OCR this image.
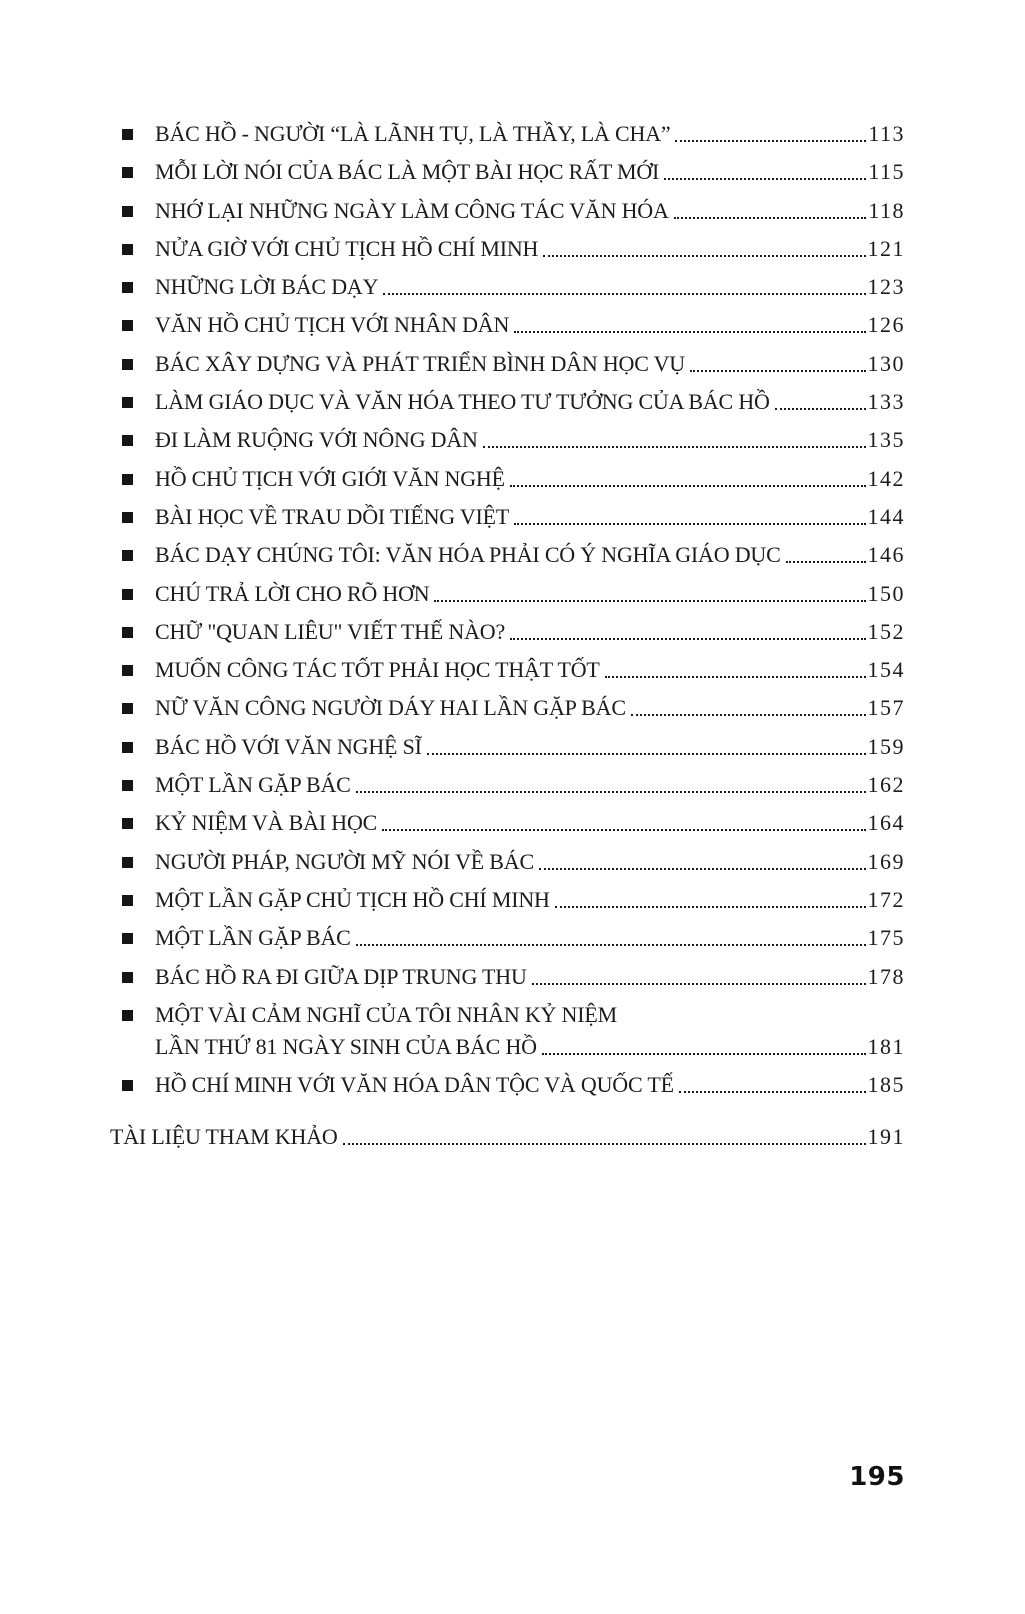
BÁC HỒ - NGƯỜI “LÀ LÃNH TỤ, LÀ THẦY, LÀ CHA”	113
MỖI LỜI NÓI CỦA BÁC LÀ MỘT BÀI HỌC RẤT MỚI	115
NHỚ LẠI NHỮNG NGÀY LÀM CÔNG TÁC VĂN HÓA	118
NỬA GIỜ VỚI CHỦ TỊCH HỒ CHÍ MINH	121
NHỮNG LỜI BÁC DẠY	123
VĂN HỒ CHỦ TỊCH VỚI NHÂN DÂN	126
BÁC XÂY DỰNG VÀ PHÁT TRIỂN BÌNH DÂN HỌC VỤ	130
LÀM GIÁO DỤC VÀ VĂN HÓA THEO TƯ TƯỞNG CỦA BÁC HỒ	133
ĐI LÀM RUỘNG VỚI NÔNG DÂN	135
HỒ CHỦ TỊCH VỚI GIỚI VĂN NGHỆ	142
BÀI HỌC VỀ TRAU DỒI TIẾNG VIỆT	144
BÁC DẠY CHÚNG TÔI: VĂN HÓA PHẢI CÓ Ý NGHĨA GIÁO DỤC	146
CHÚ TRẢ LỜI CHO RÕ HƠN	150
CHỮ "QUAN LIÊU" VIẾT THẾ NÀO?	152
MUỐN CÔNG TÁC TỐT PHẢI HỌC THẬT TỐT	154
NỮ VĂN CÔNG NGƯỜI DÁY HAI LẦN GẶP BÁC	157
BÁC HỒ VỚI VĂN NGHỆ SĨ	159
MỘT LẦN GẶP BÁC	162
KỶ NIỆM VÀ BÀI HỌC	164
NGƯỜI PHÁP, NGƯỜI MỸ NÓI VỀ BÁC	169
MỘT LẦN GẶP CHỦ TỊCH HỒ CHÍ MINH	172
MỘT LẦN GẶP BÁC	175
BÁC HỒ RA ĐI GIỮA DỊP TRUNG THU	178
MỘT VÀI CẢM NGHĨ CỦA TÔI NHÂN KỶ NIỆM
LẦN THỨ 81 NGÀY SINH CỦA BÁC HỒ	181
HỒ CHÍ MINH VỚI VĂN HÓA DÂN TỘC VÀ QUỐC TẾ	185
TÀI LIỆU THAM KHẢO	191
195
